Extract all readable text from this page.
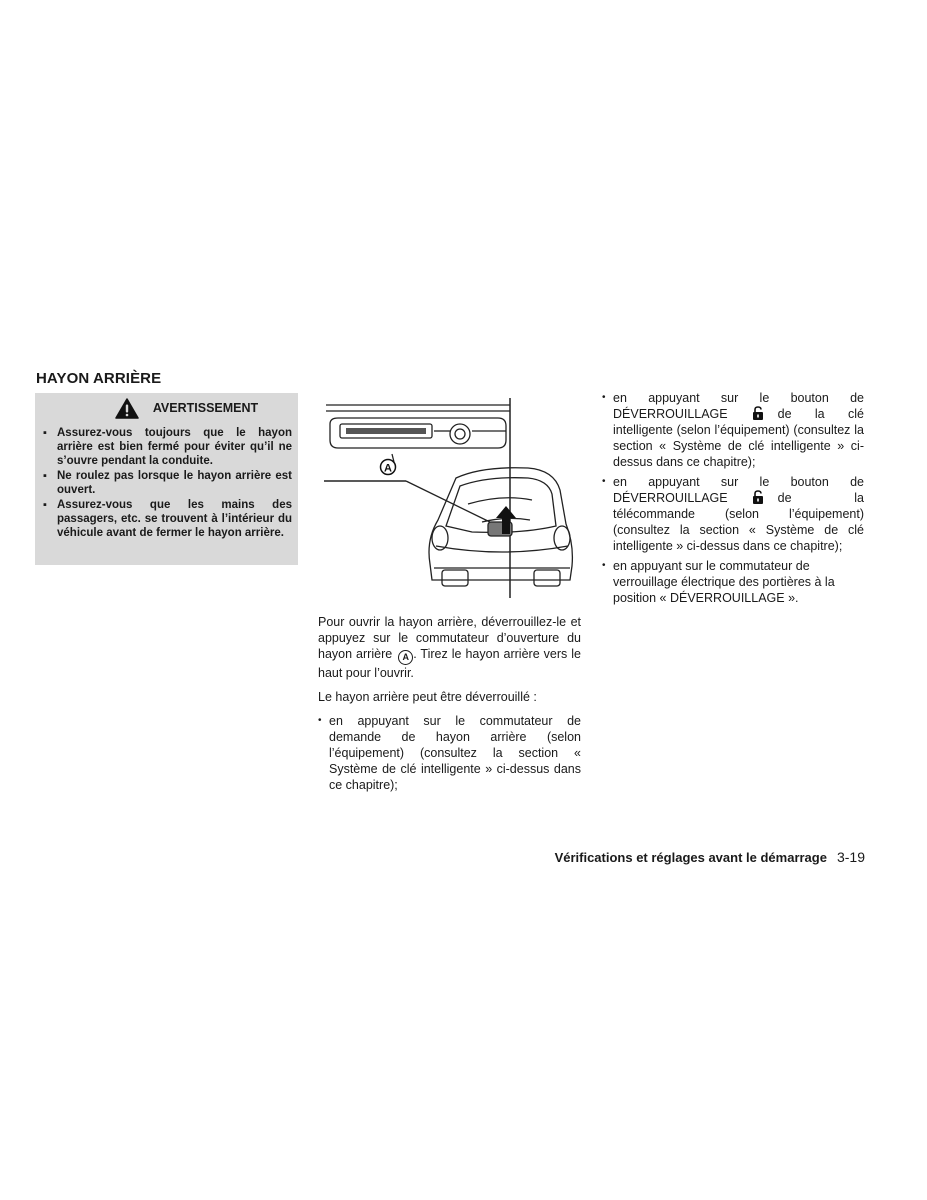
HAYON ARRIÈRE
AVERTISSEMENT
▪ Assurez-vous toujours que le hayon arrière est bien fermé pour éviter qu’il ne s’ouvre pendant la conduite.
▪ Ne roulez pas lorsque le hayon arrière est ouvert.
▪ Assurez-vous que les mains des passagers, etc. se trouvent à l’intérieur du véhicule avant de fermer le hayon arrière.
A

Pour ouvrir la hayon arrière, déverrouillez-le et appuyez sur le commutateur d’ouverture du hayon arrière A . Tirez le hayon arrière vers le haut pour l’ouvrir.

Le hayon arrière peut être déverrouillé :

• en appuyant sur le commutateur de demande de hayon arrière (selon l’équipement) (consultez la section « Système de clé intelligente » ci-dessus dans ce chapitre);
• en appuyant sur le bouton de
DÉVERROUILLAGE	de la clé intelligente (selon l’équipement) (consultez la section « Système de clé intelligente » ci-dessus dans ce chapitre);
• en appuyant sur le bouton de
DÉVERROUILLAGE	de la télécommande (selon l’équipement) (consultez la section « Système de clé intelligente » ci-dessus dans ce chapitre);
• en appuyant sur le commutateur de verrouillage électrique des portières à la position « DÉVERROUILLAGE ».
Vérifications et réglages avant le démarrage 3-19
